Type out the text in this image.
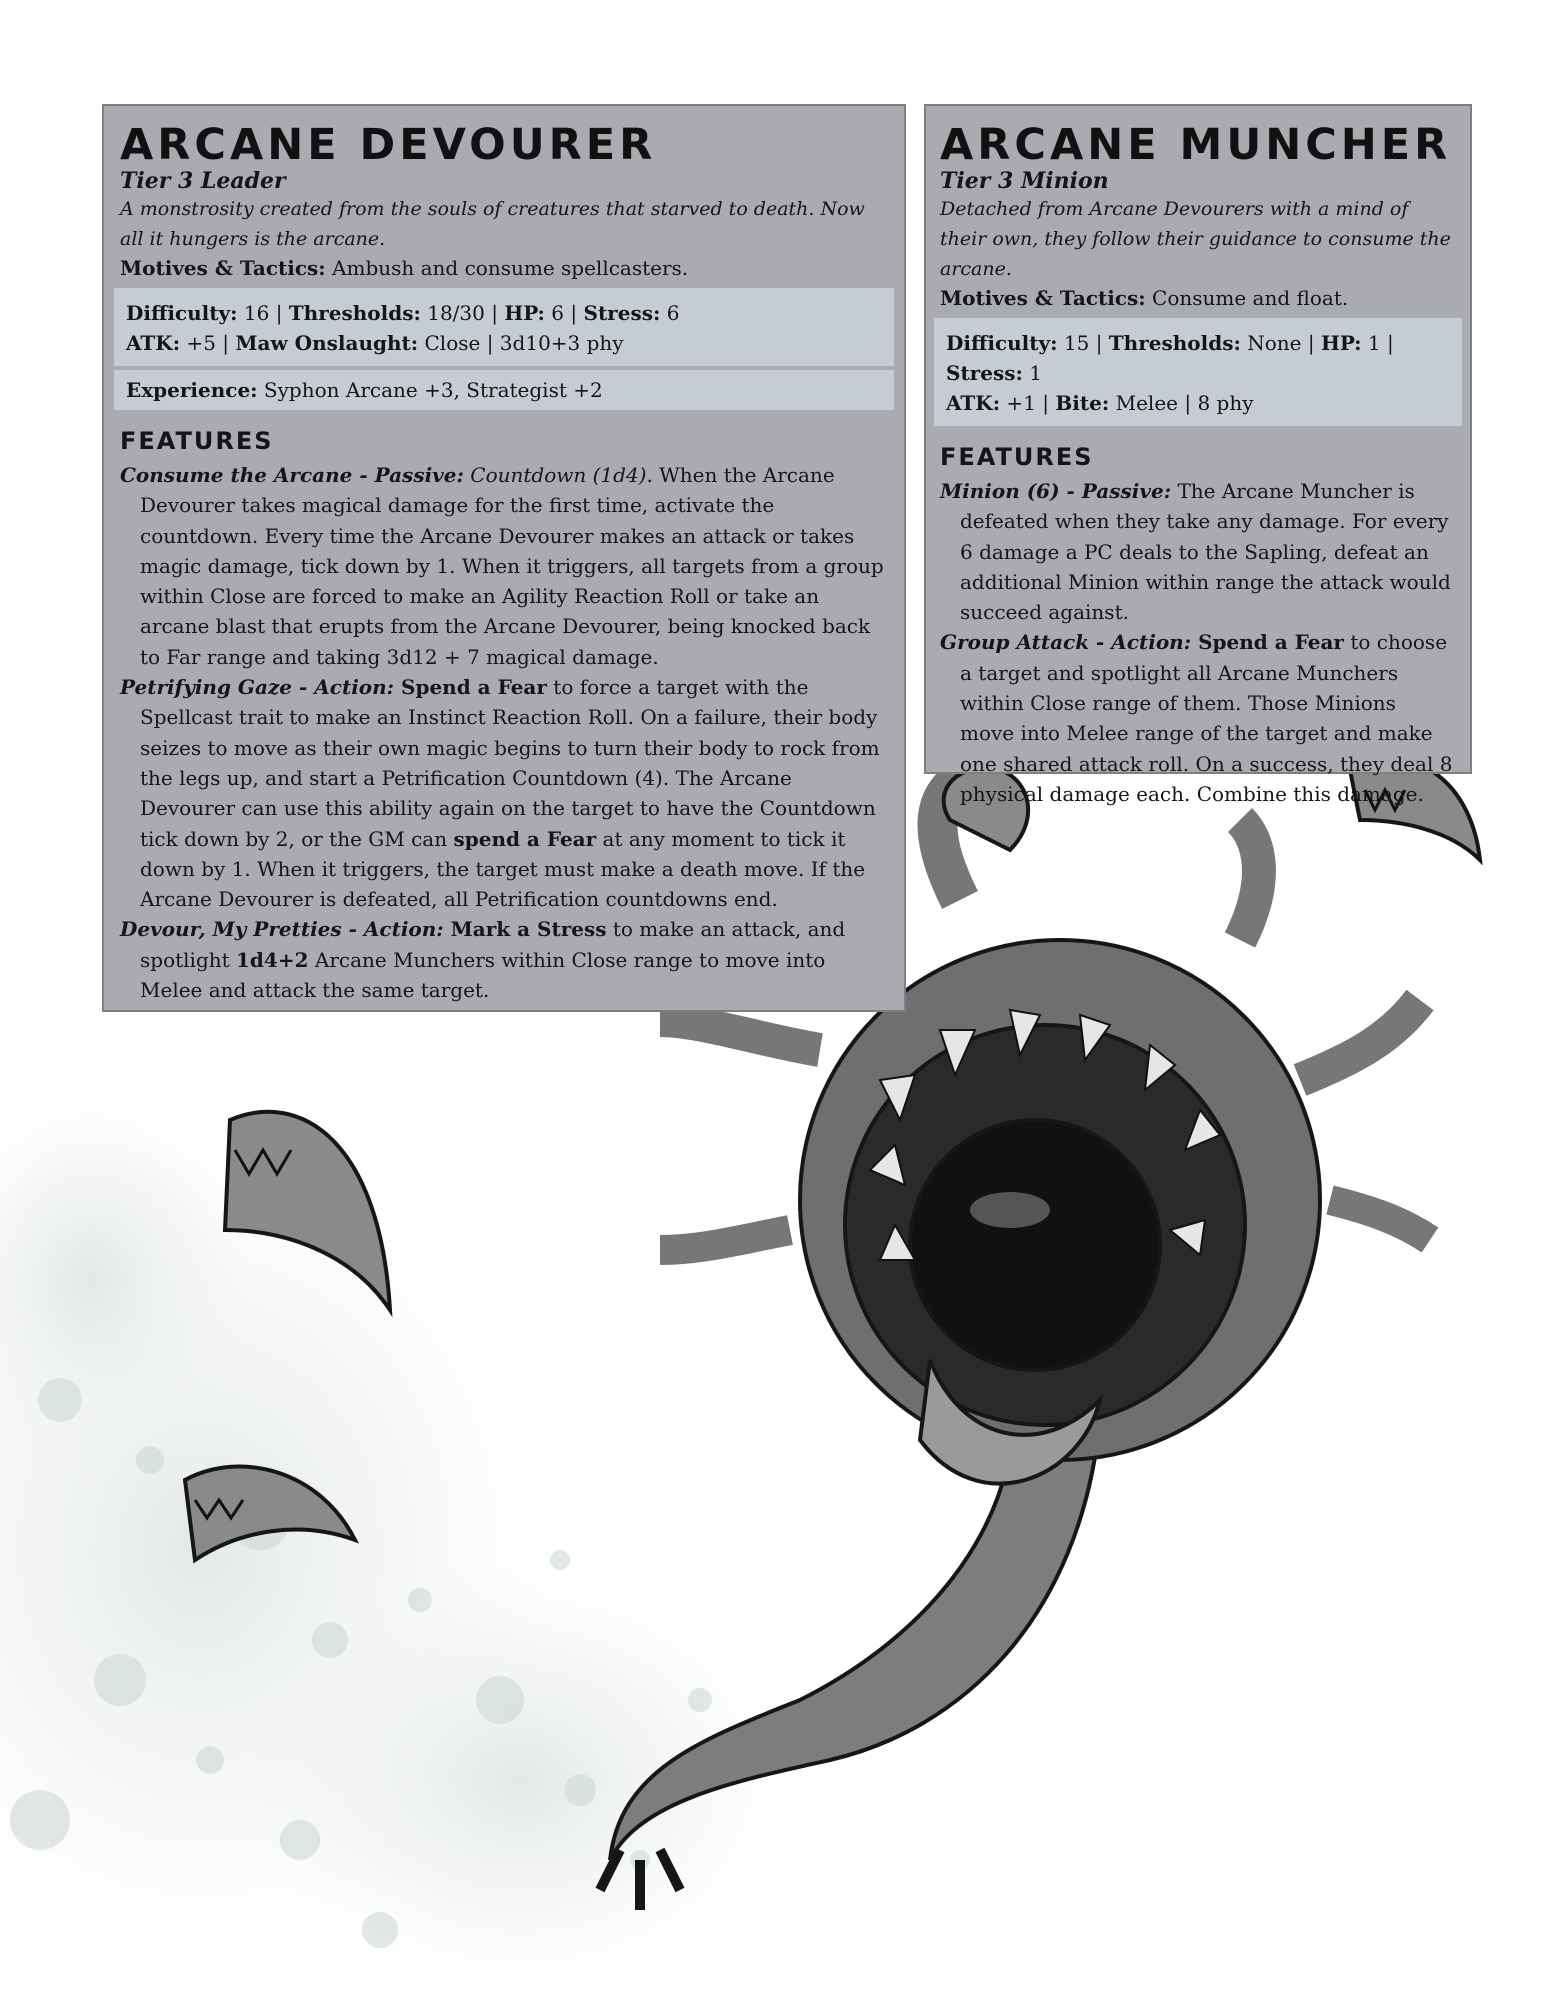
ARCANE DEVOURER

Tier 3 Leader

A monstrosity created from the souls of creatures that starved to death. Now all it hungers is the arcane.

Motives & Tactics: Ambush and consume spellcasters.

Difficulty: 16 | Thresholds: 18/30 | HP: 6 | Stress: 6
ATK: +5 | Maw Onslaught: Close | 3d10+3 phy
Experience: Syphon Arcane +3, Strategist +2
FEATURES

Consume the Arcane - Passive: Countdown (1d4). When the Arcane Devourer takes magical damage for the first time, activate the countdown. Every time the Arcane Devourer makes an attack or takes magic damage, tick down by 1. When it triggers, all targets from a group within Close are forced to make an Agility Reaction Roll or take an arcane blast that erupts from the Arcane Devourer, being knocked back to Far range and taking 3d12 + 7 magical damage.

Petrifying Gaze - Action: Spend a Fear to force a target with the Spellcast trait to make an Instinct Reaction Roll. On a failure, their body seizes to move as their own magic begins to turn their body to rock from the legs up, and start a Petrification Countdown (4). The Arcane Devourer can use this ability again on the target to have the Countdown tick down by 2, or the GM can spend a Fear at any moment to tick it down by 1. When it triggers, the target must make a death move. If the Arcane Devourer is defeated, all Petrification countdowns end.

Devour, My Pretties - Action: Mark a Stress to make an attack, and spotlight 1d4+2 Arcane Munchers within Close range to move into Melee and attack the same target.

ARCANE MUNCHER

Tier 3 Minion

Detached from Arcane Devourers with a mind of their own, they follow their guidance to consume the arcane.

Motives & Tactics: Consume and float.

Difficulty: 15 | Thresholds: None | HP: 1 | Stress: 1
ATK: +1 | Bite: Melee | 8 phy
FEATURES

Minion (6) - Passive: The Arcane Muncher is defeated when they take any damage. For every 6 damage a PC deals to the Sapling, defeat an additional Minion within range the attack would succeed against.

Group Attack - Action: Spend a Fear to choose a target and spotlight all Arcane Munchers within Close range of them. Those Minions move into Melee range of the target and make one shared attack roll. On a success, they deal 8 physical damage each. Combine this damage.
